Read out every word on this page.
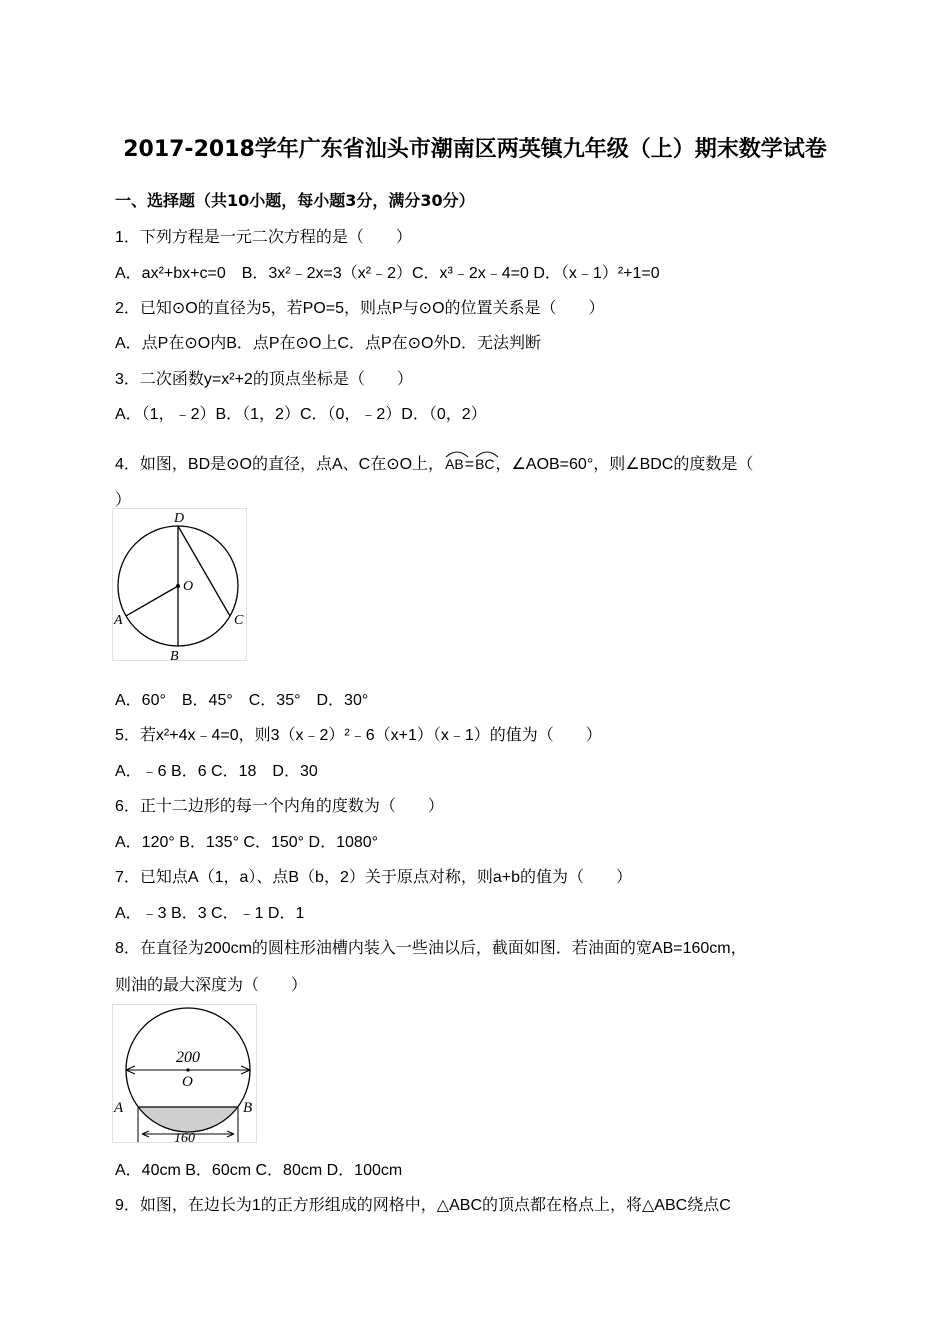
2017-2018学年广东省汕头市潮南区两英镇九年级（上）期末数学试卷
一、选择题（共10小题，每小题3分，满分30分）
1．下列方程是一元二次方程的是（　　）
A．ax²+bx+c=0　B．3x²﹣2x=3（x²﹣2）C．x³﹣2x﹣4=0 D．（x﹣1）²+1=0
2．已知⊙O的直径为5，若PO=5，则点P与⊙O的位置关系是（　　）
A．点P在⊙O内B．点P在⊙O上C．点P在⊙O外D．无法判断
3．二次函数y=x²+2的顶点坐标是（　　）
A．（1，﹣2）B．（1，2）C．（0，﹣2）D．（0，2）
4．如图，BD是⊙O的直径，点A、C在⊙O上，
AB=
BC，∠AOB=60°，则∠BDC的度数是（
）
D
O
A	C
B
A．60°　B．45°　C．35°　D．30°
5．若x²+4x﹣4=0，则3（x﹣2）²﹣6（x+1）（x﹣1）的值为（　　）
A．﹣6 B．6 C．18　D．30
6．正十二边形的每一个内角的度数为（　　）
A．120° B．135° C．150° D．1080°
7．已知点A（1，a）、点B（b，2）关于原点对称，则a+b的值为（　　）
A．﹣3 B．3 C．﹣1 D．1
8．在直径为200cm的圆柱形油槽内装入一些油以后，截面如图．若油面的宽AB=160cm，
则油的最大深度为（　　）
200
O
A	B
160
A．40cm B．60cm C．80cm D．100cm
9．如图，在边长为1的正方形组成的网格中，△ABC的顶点都在格点上，将△ABC绕点C
